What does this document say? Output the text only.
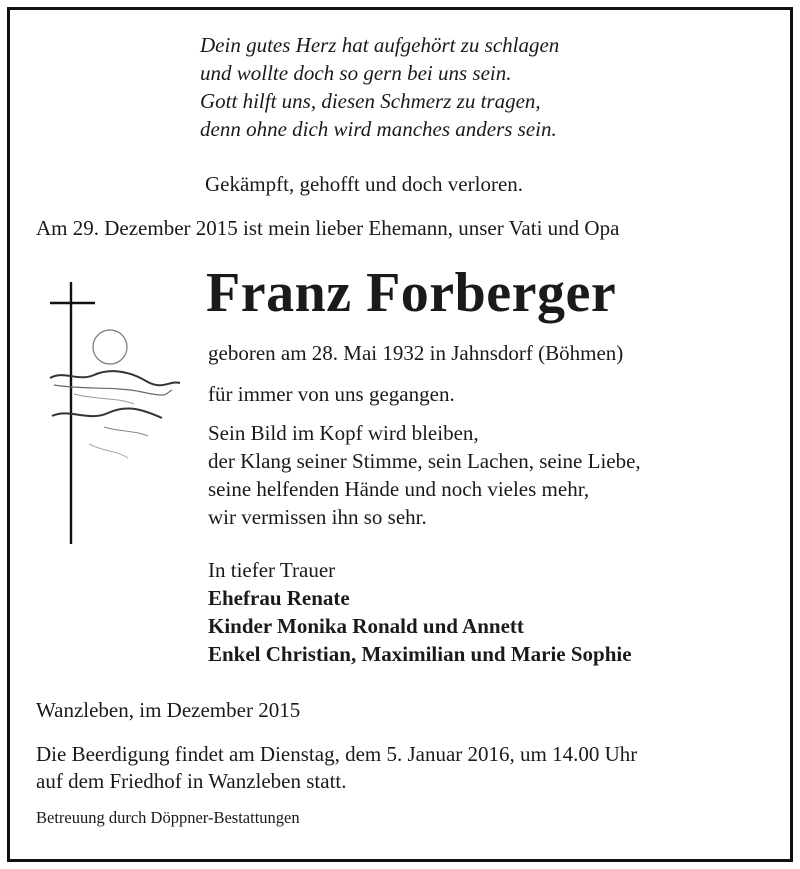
Dein gutes Herz hat aufgehört zu schlagen
und wollte doch so gern bei uns sein.
Gott hilft uns, diesen Schmerz zu tragen,
denn ohne dich wird manches anders sein.
Gekämpft, gehofft und doch verloren.
Am 29. Dezember 2015 ist mein lieber Ehemann, unser Vati und Opa
Franz Forberger
geboren am 28. Mai 1932 in Jahnsdorf (Böhmen)
für immer von uns gegangen.
Sein Bild im Kopf wird bleiben,
der Klang seiner Stimme, sein Lachen, seine Liebe,
seine helfenden Hände und noch vieles mehr,
wir vermissen ihn so sehr.
In tiefer Trauer
Ehefrau Renate
Kinder Monika Ronald und Annett
Enkel Christian, Maximilian und Marie Sophie
Wanzleben, im Dezember 2015
Die Beerdigung findet am Dienstag, dem 5. Januar 2016, um 14.00 Uhr
auf dem Friedhof in Wanzleben statt.
Betreuung durch Döppner-Bestattungen
